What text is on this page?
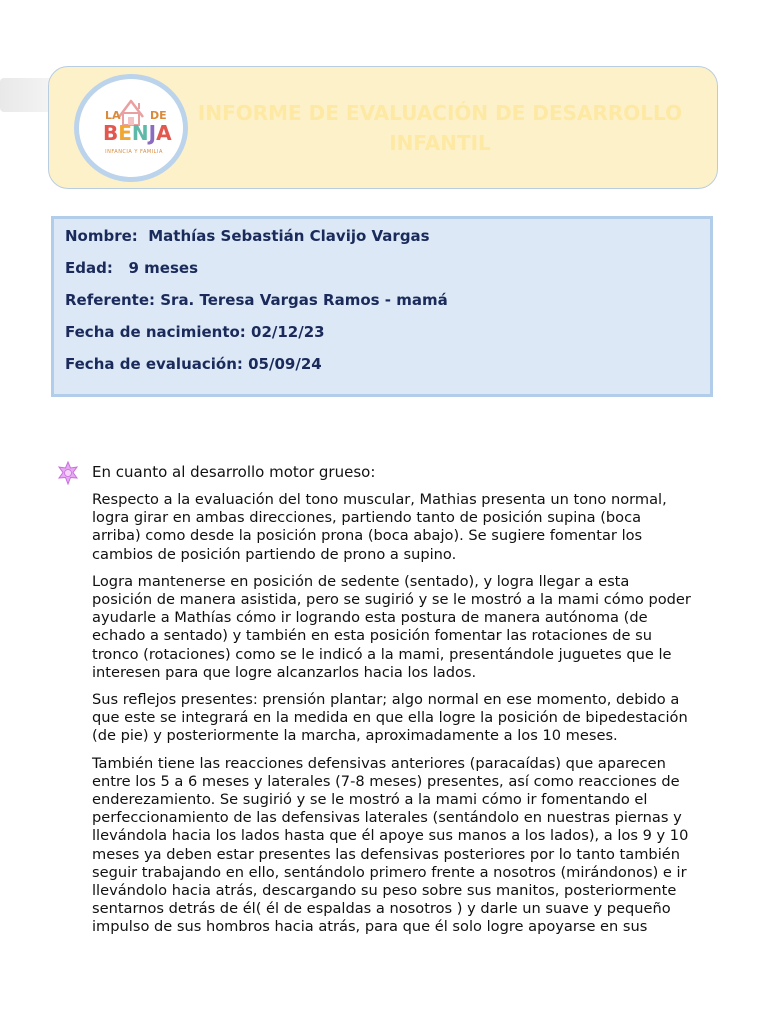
LA	DE
BENJA
INFANCIA Y FAMILIA
INFORME DE EVALUACIÓN DE DESARROLLO INFANTIL
Nombre:  Mathías Sebastián Clavijo Vargas
Edad:   9 meses
Referente: Sra. Teresa Vargas Ramos - mamá
Fecha de nacimiento: 02/12/23
Fecha de evaluación: 05/09/24

En cuanto al desarrollo motor grueso:

Respecto a la evaluación del tono muscular, Mathias presenta un tono normal, logra girar en ambas direcciones, partiendo tanto de posición supina (boca arriba) como desde la posición prona (boca abajo). Se sugiere fomentar los cambios de posición partiendo de prono a supino.

Logra mantenerse en posición de sedente (sentado), y logra llegar a esta posición de manera asistida, pero se sugirió y se le mostró a la mami cómo poder ayudarle a Mathías cómo ir logrando esta postura de manera autónoma (de echado a sentado) y también en esta posición fomentar las rotaciones de su tronco (rotaciones) como se le indicó a la mami, presentándole juguetes que le interesen para que logre alcanzarlos hacia los lados.

Sus reflejos presentes: prensión plantar; algo normal en ese momento, debido a que este se integrará en la medida en que ella logre la posición de bipedestación (de pie) y posteriormente la marcha, aproximadamente a los 10 meses.

También tiene las reacciones defensivas anteriores (paracaídas) que aparecen entre los 5 a 6 meses y laterales (7-8 meses) presentes, así como reacciones de enderezamiento. Se sugirió y se le mostró a la mami cómo ir fomentando el perfeccionamiento de las defensivas laterales (sentándolo en nuestras piernas y llevándola hacia los lados hasta que él apoye sus manos a los lados), a los 9 y 10 meses ya deben estar presentes las defensivas posteriores por lo tanto también seguir trabajando en ello, sentándolo primero frente a nosotros (mirándonos) e ir llevándolo hacia atrás, descargando su peso sobre sus manitos, posteriormente sentarnos detrás de él( él de espaldas a nosotros ) y darle un suave y pequeño impulso de sus hombros hacia atrás, para que él solo logre apoyarse en sus
